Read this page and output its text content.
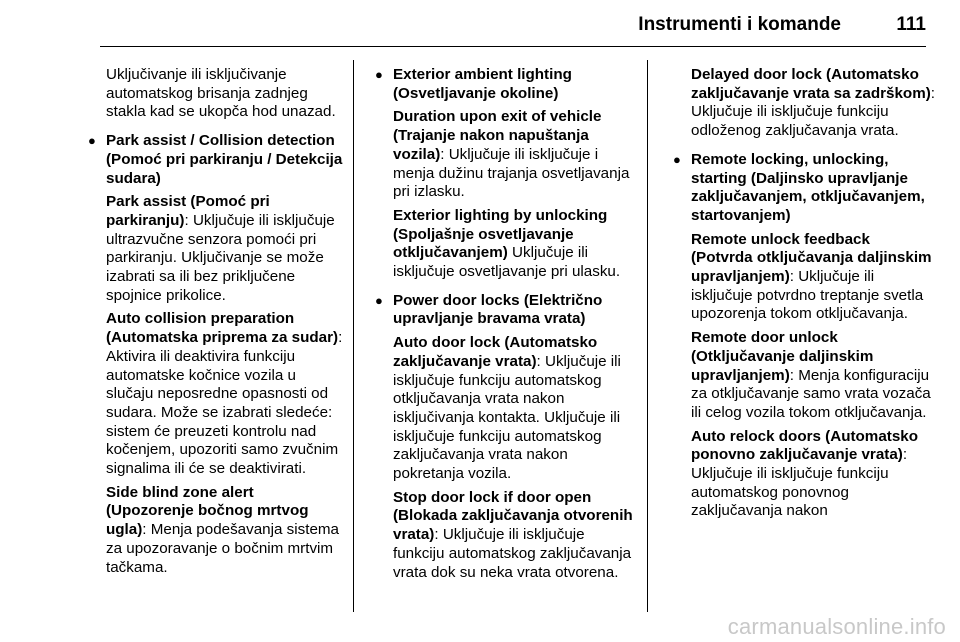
Instrumenti i komande	111

Uključivanje ili isključivanje automatskog brisanja zadnjeg stakla kad se ukopča hod unazad.

● Park assist / Collision detection (Pomoć pri parkiranju / Detekcija sudara)

Park assist (Pomoć pri parkiranju): Uključuje ili isključuje ultrazvučne senzora pomoći pri parkiranju. Uključivanje se može izabrati sa ili bez priključene spojnice prikolice.

Auto collision preparation (Automatska priprema za sudar): Aktivira ili deaktivira funkciju automatske kočnice vozila u slučaju neposredne opasnosti od sudara. Može se izabrati sledeće: sistem će preuzeti kontrolu nad kočenjem, upozoriti samo zvučnim signalima ili će se deaktivirati.

Side blind zone alert (Upozorenje bočnog mrtvog ugla): Menja podešavanja sistema za upozoravanje o bočnim mrtvim tačkama.

● Exterior ambient lighting (Osvetljavanje okoline)

Duration upon exit of vehicle (Trajanje nakon napuštanja vozila): Uključuje ili isključuje i menja dužinu trajanja osvetljavanja pri izlasku.

Exterior lighting by unlocking (Spoljašnje osvetljavanje otključavanjem) Uključuje ili isključuje osvetljavanje pri ulasku.

● Power door locks (Električno upravljanje bravama vrata)

Auto door lock (Automatsko zaključavanje vrata): Uključuje ili isključuje funkciju automatskog otključavanja vrata nakon isključivanja kontakta. Uključuje ili isključuje funkciju automatskog zaključavanja vrata nakon pokretanja vozila.

Stop door lock if door open (Blokada zaključavanja otvorenih vrata): Uključuje ili isključuje funkciju automatskog zaključavanja vrata dok su neka vrata otvorena.

Delayed door lock (Automatsko zaključavanje vrata sa zadrškom): Uključuje ili isključuje funkciju odloženog zaključavanja vrata.

● Remote locking, unlocking, starting (Daljinsko upravljanje zaključavanjem, otključavanjem, startovanjem)

Remote unlock feedback (Potvrda otključavanja daljinskim upravljanjem): Uključuje ili isključuje potvrdno treptanje svetla upozorenja tokom otključavanja.

Remote door unlock (Otključavanje daljinskim upravljanjem): Menja konfiguraciju za otključavanje samo vrata vozača ili celog vozila tokom otključavanja.

Auto relock doors (Automatsko ponovno zaključavanje vrata): Uključuje ili isključuje funkciju automatskog ponovnog zaključavanja nakon

carmanualsonline.info
